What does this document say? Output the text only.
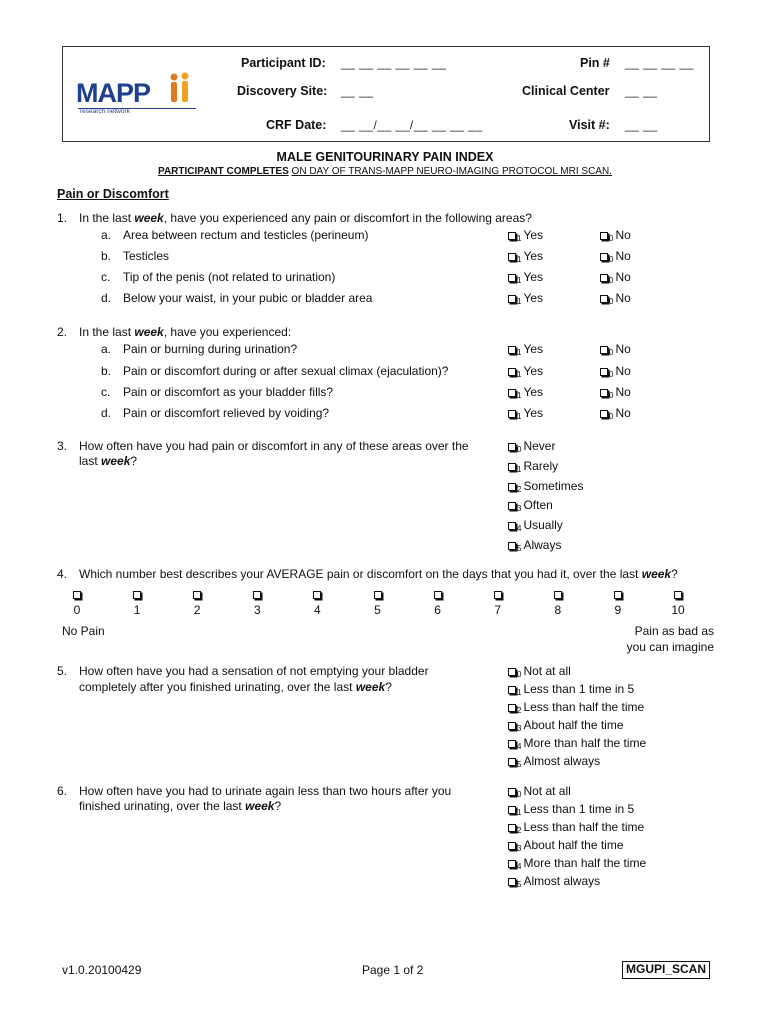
MAPP
research network
Participant ID: __ __ __ __ __ __	Pin # __ __ __ __
Discovery Site: __ __	Clinical Center __ __
CRF Date: __ __/__ __/__ __ __ __	Visit #: __ __
MALE GENITOURINARY PAIN INDEX
PARTICIPANT COMPLETES ON DAY OF TRANS-MAPP NEURO-IMAGING PROTOCOL MRI SCAN.
Pain or Discomfort
1. In the last week, have you experienced any pain or discomfort in the following areas?
a. Area between rectum and testicles (perineum)	$_1$ Yes	$_0$ No
b. Testicles	$_1$ Yes	$_0$ No
c. Tip of the penis (not related to urination)	$_1$ Yes	$_0$ No
d. Below your waist, in your pubic or bladder area	$_1$ Yes	$_0$ No
2. In the last week, have you experienced:
a. Pain or burning during urination?	$_1$ Yes	$_0$ No
b. Pain or discomfort during or after sexual climax (ejaculation)?	$_1$ Yes	$_0$ No
c. Pain or discomfort as your bladder fills?	$_1$ Yes	$_0$ No
d. Pain or discomfort relieved by voiding?	$_1$ Yes	$_0$ No
3. How often have you had pain or discomfort in any of these areas over the
last week?
$_0$ Never
$_1$ Rarely
$_2$ Sometimes
$_3$ Often
$_4$ Usually
$_5$ Always
4. Which number best describes your AVERAGE pain or discomfort on the days that you had it, over the last week?
0	1	2	3	4	5	6	7	8	9	10
No Pain	Pain as bad as
you can imagine
5. How often have you had a sensation of not emptying your bladder
completely after you finished urinating, over the last week?
$_0$ Not at all
$_1$ Less than 1 time in 5
$_2$ Less than half the time
$_3$ About half the time
$_4$ More than half the time
$_5$ Almost always
6. How often have you had to urinate again less than two hours after you
finished urinating, over the last week?
$_0$ Not at all
$_1$ Less than 1 time in 5
$_2$ Less than half the time
$_3$ About half the time
$_4$ More than half the time
$_5$ Almost always
v1.0.20100429	Page 1 of 2	MGUPI_SCAN
